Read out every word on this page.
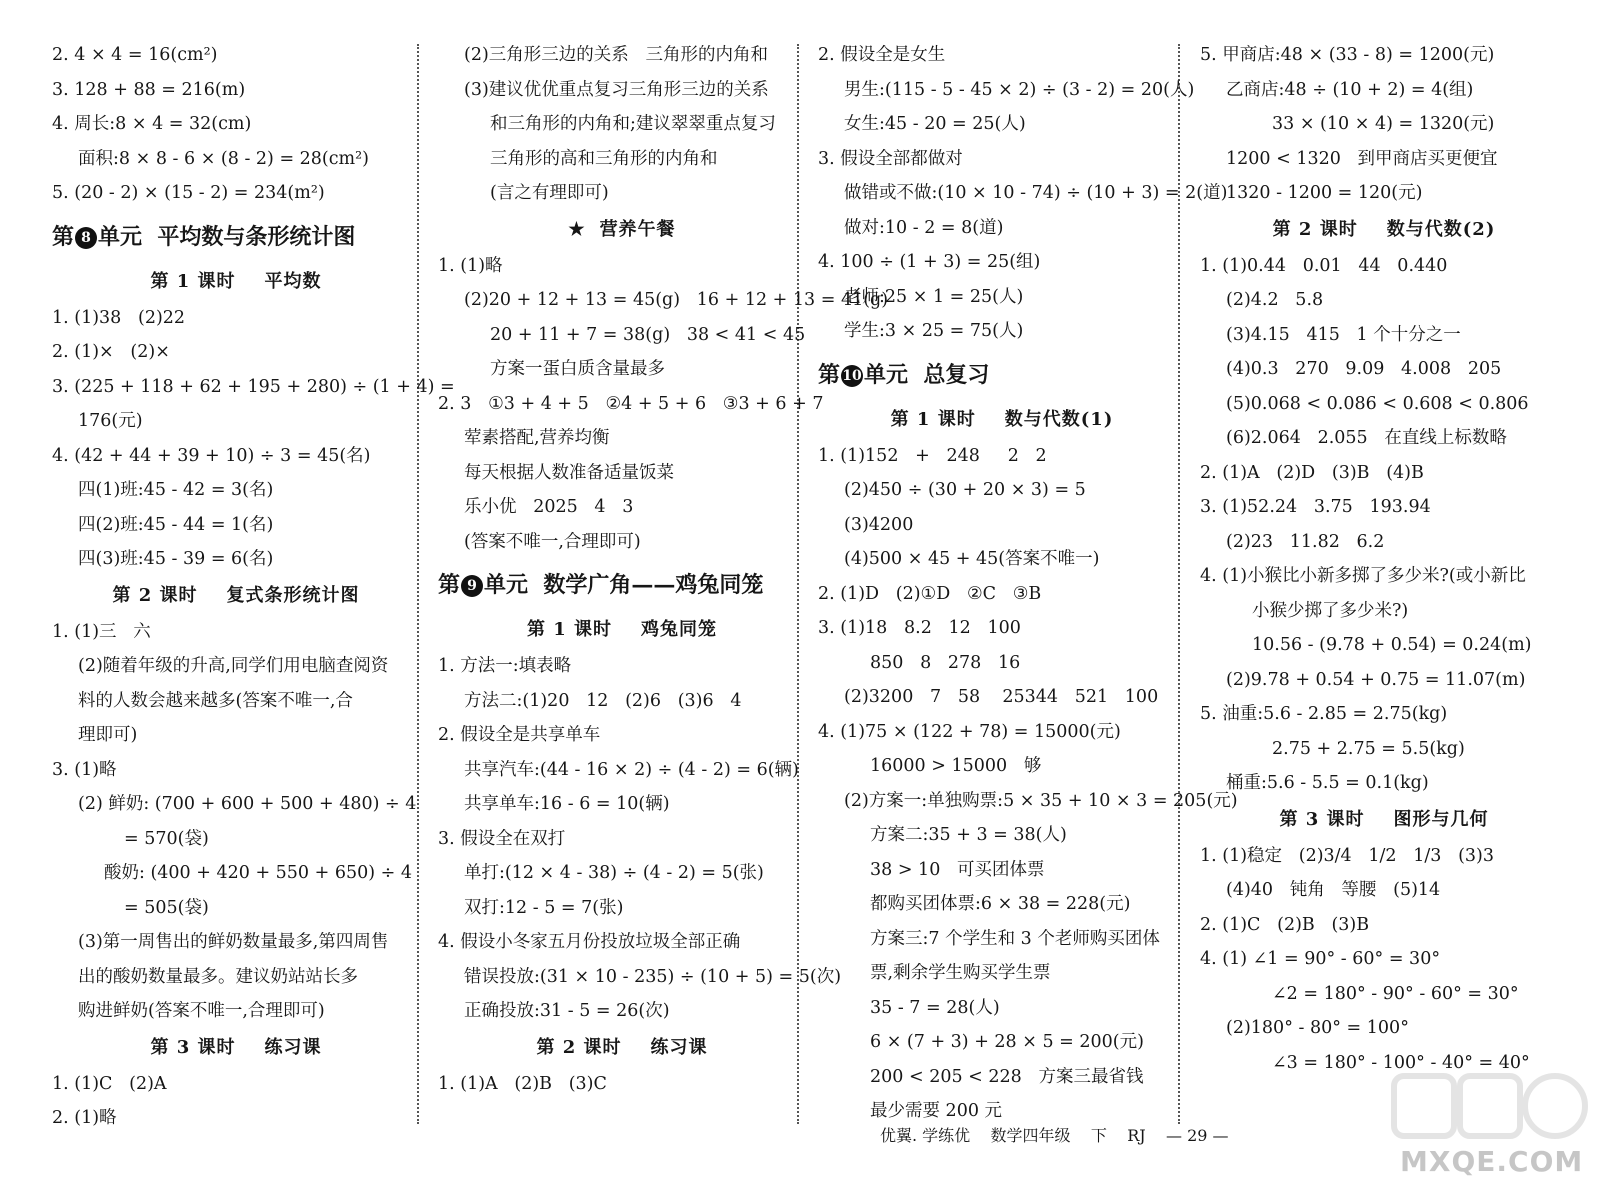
2. 4 × 4 = 16(cm²)
3. 128 + 88 = 216(m)
4. 周长:8 × 4 = 32(cm)
面积:8 × 8 - 6 × (8 - 2) = 28(cm²)
5. (20 - 2) × (15 - 2) = 234(m²)
第 8 单元  平均数与条形统计图
第 1 课时    平均数
1. (1)38   (2)22
2. (1)×   (2)×
3. (225 + 118 + 62 + 195 + 280) ÷ (1 + 4) =
176(元)
4. (42 + 44 + 39 + 10) ÷ 3 = 45(名)
四(1)班:45 - 42 = 3(名)
四(2)班:45 - 44 = 1(名)
四(3)班:45 - 39 = 6(名)
第 2 课时    复式条形统计图
1. (1)三   六
(2)随着年级的升高,同学们用电脑查阅资
料的人数会越来越多(答案不唯一,合
理即可)
3. (1)略
(2) 鲜奶: (700 + 600 + 500 + 480) ÷ 4
= 570(袋)
酸奶: (400 + 420 + 550 + 650) ÷ 4
= 505(袋)
(3)第一周售出的鲜奶数量最多,第四周售
出的酸奶数量最多。建议奶站站长多
购进鲜奶(答案不唯一,合理即可)
第 3 课时    练习课
1. (1)C   (2)A
2. (1)略
(2)三角形三边的关系   三角形的内角和
(3)建议优优重点复习三角形三边的关系
和三角形的内角和;建议翠翠重点复习
三角形的高和三角形的内角和
(言之有理即可)
★ 营养午餐
1. (1)略
(2)20 + 12 + 13 = 45(g)   16 + 12 + 13 = 41(g)
20 + 11 + 7 = 38(g)   38 < 41 < 45
方案一蛋白质含量最多
2. 3   ①3 + 4 + 5   ②4 + 5 + 6   ③3 + 6 + 7
荤素搭配,营养均衡
每天根据人数准备适量饭菜
乐小优   2025   4   3
(答案不唯一,合理即可)
第 9 单元  数学广角——鸡兔同笼
第 1 课时    鸡兔同笼
1. 方法一:填表略
方法二:(1)20   12   (2)6   (3)6   4
2. 假设全是共享单车
共享汽车:(44 - 16 × 2) ÷ (4 - 2) = 6(辆)
共享单车:16 - 6 = 10(辆)
3. 假设全在双打
单打:(12 × 4 - 38) ÷ (4 - 2) = 5(张)
双打:12 - 5 = 7(张)
4. 假设小冬家五月份投放垃圾全部正确
错误投放:(31 × 10 - 235) ÷ (10 + 5) = 5(次)
正确投放:31 - 5 = 26(次)
第 2 课时    练习课
1. (1)A   (2)B   (3)C
2. 假设全是女生
男生:(115 - 5 - 45 × 2) ÷ (3 - 2) = 20(人)
女生:45 - 20 = 25(人)
3. 假设全部都做对
做错或不做:(10 × 10 - 74) ÷ (10 + 3) = 2(道)
做对:10 - 2 = 8(道)
4. 100 ÷ (1 + 3) = 25(组)
老师:25 × 1 = 25(人)
学生:3 × 25 = 75(人)
第 10 单元  总复习
第 1 课时    数与代数(1)
1. (1)152   +   248     2   2
(2)450 ÷ (30 + 20 × 3) = 5
(3)4200
(4)500 × 45 + 45(答案不唯一)
2. (1)D   (2)①D   ②C   ③B
3. (1)18   8.2   12   100
850   8   278   16
(2)3200   7   58    25344   521   100
4. (1)75 × (122 + 78) = 15000(元)
16000 > 15000   够
(2)方案一:单独购票:5 × 35 + 10 × 3 = 205(元)
方案二:35 + 3 = 38(人)
38 > 10   可买团体票
都购买团体票:6 × 38 = 228(元)
方案三:7 个学生和 3 个老师购买团体
票,剩余学生购买学生票
35 - 7 = 28(人)
6 × (7 + 3) + 28 × 5 = 200(元)
200 < 205 < 228   方案三最省钱
最少需要 200 元
5. 甲商店:48 × (33 - 8) = 1200(元)
乙商店:48 ÷ (10 + 2) = 4(组)
33 × (10 × 4) = 1320(元)
1200 < 1320   到甲商店买更便宜
1320 - 1200 = 120(元)
第 2 课时    数与代数(2)
1. (1)0.44   0.01   44   0.440
(2)4.2   5.8
(3)4.15   415   1 个十分之一
(4)0.3   270   9.09   4.008   205
(5)0.068 < 0.086 < 0.608 < 0.806
(6)2.064   2.055   在直线上标数略
2. (1)A   (2)D   (3)B   (4)B
3. (1)52.24   3.75   193.94
(2)23   11.82   6.2
4. (1)小猴比小新多掷了多少米?(或小新比
小猴少掷了多少米?)
10.56 - (9.78 + 0.54) = 0.24(m)
(2)9.78 + 0.54 + 0.75 = 11.07(m)
5. 油重:5.6 - 2.85 = 2.75(kg)
2.75 + 2.75 = 5.5(kg)
桶重:5.6 - 5.5 = 0.1(kg)
第 3 课时    图形与几何
1. (1)稳定   (2)3/4   1/2   1/3   (3)3
(4)40   钝角   等腰   (5)14
2. (1)C   (2)B   (3)B
4. (1) ∠1 = 90° - 60° = 30°
∠2 = 180° - 90° - 60° = 30°
(2)180° - 80° = 100°
∠3 = 180° - 100° - 40° = 40°
优翼. 学练优    数学四年级    下    RJ    — 29 —
MXQE.COM
